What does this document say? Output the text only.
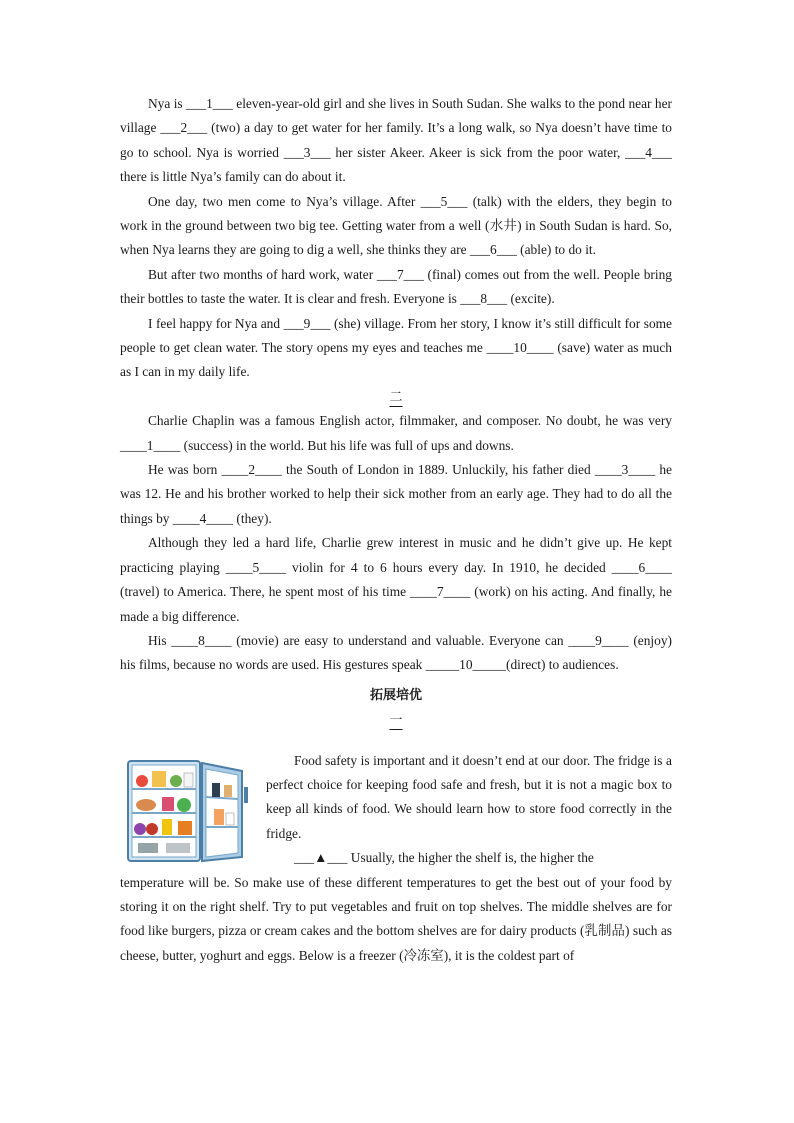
Nya is ___1___ eleven-year-old girl and she lives in South Sudan. She walks to the pond near her village ___2___ (two) a day to get water for her family. It’s a long walk, so Nya doesn’t have time to go to school. Nya is worried ___3___ her sister Akeer. Akeer is sick from the poor water, ___4___ there is little Nya’s family can do about it.

One day, two men come to Nya’s village. After ___5___ (talk) with the elders, they begin to work in the ground between two big tee. Getting water from a well (水井) in South Sudan is hard. So, when Nya learns they are going to dig a well, she thinks they are ___6___ (able) to do it.

But after two months of hard work, water ___7___ (final) comes out from the well. People bring their bottles to taste the water. It is clear and fresh. Everyone is ___8___ (excite).

I feel happy for Nya and ___9___ (she) village. From her story, I know it’s still difficult for some people to get clean water. The story opens my eyes and teaches me ____10____ (save) water as much as I can in my daily life.

二

Charlie Chaplin was a famous English actor, filmmaker, and composer. No doubt, he was very ____1____ (success) in the world. But his life was full of ups and downs.

He was born ____2____ the South of London in 1889. Unluckily, his father died ____3____ he was 12. He and his brother worked to help their sick mother from an early age. They had to do all the things by ____4____ (they).

Although they led a hard life, Charlie grew interest in music and he didn’t give up. He kept practicing playing ____5____ violin for 4 to 6 hours every day. In 1910, he decided ____6____ (travel) to America. There, he spent most of his time ____7____ (work) on his acting. And finally, he made a big difference.

His ____8____ (movie) are easy to understand and valuable. Everyone can ____9____ (enjoy) his films, because no words are used. His gestures speak _____10_____(direct) to audiences.

拓展培优
一

Food safety is important and it doesn’t end at our door. The fridge is a perfect choice for keeping food safe and fresh, but it is not a magic box to keep all kinds of food. We should learn how to store food correctly in the fridge.

___▲___ Usually, the higher the shelf is, the higher the

temperature will be. So make use of these different temperatures to get the best out of your food by storing it on the right shelf. Try to put vegetables and fruit on top shelves. The middle shelves are for food like burgers, pizza or cream cakes and the bottom shelves are for dairy products (乳制品) such as cheese, butter, yoghurt and eggs. Below is a freezer (冷冻室), it is the coldest part of
